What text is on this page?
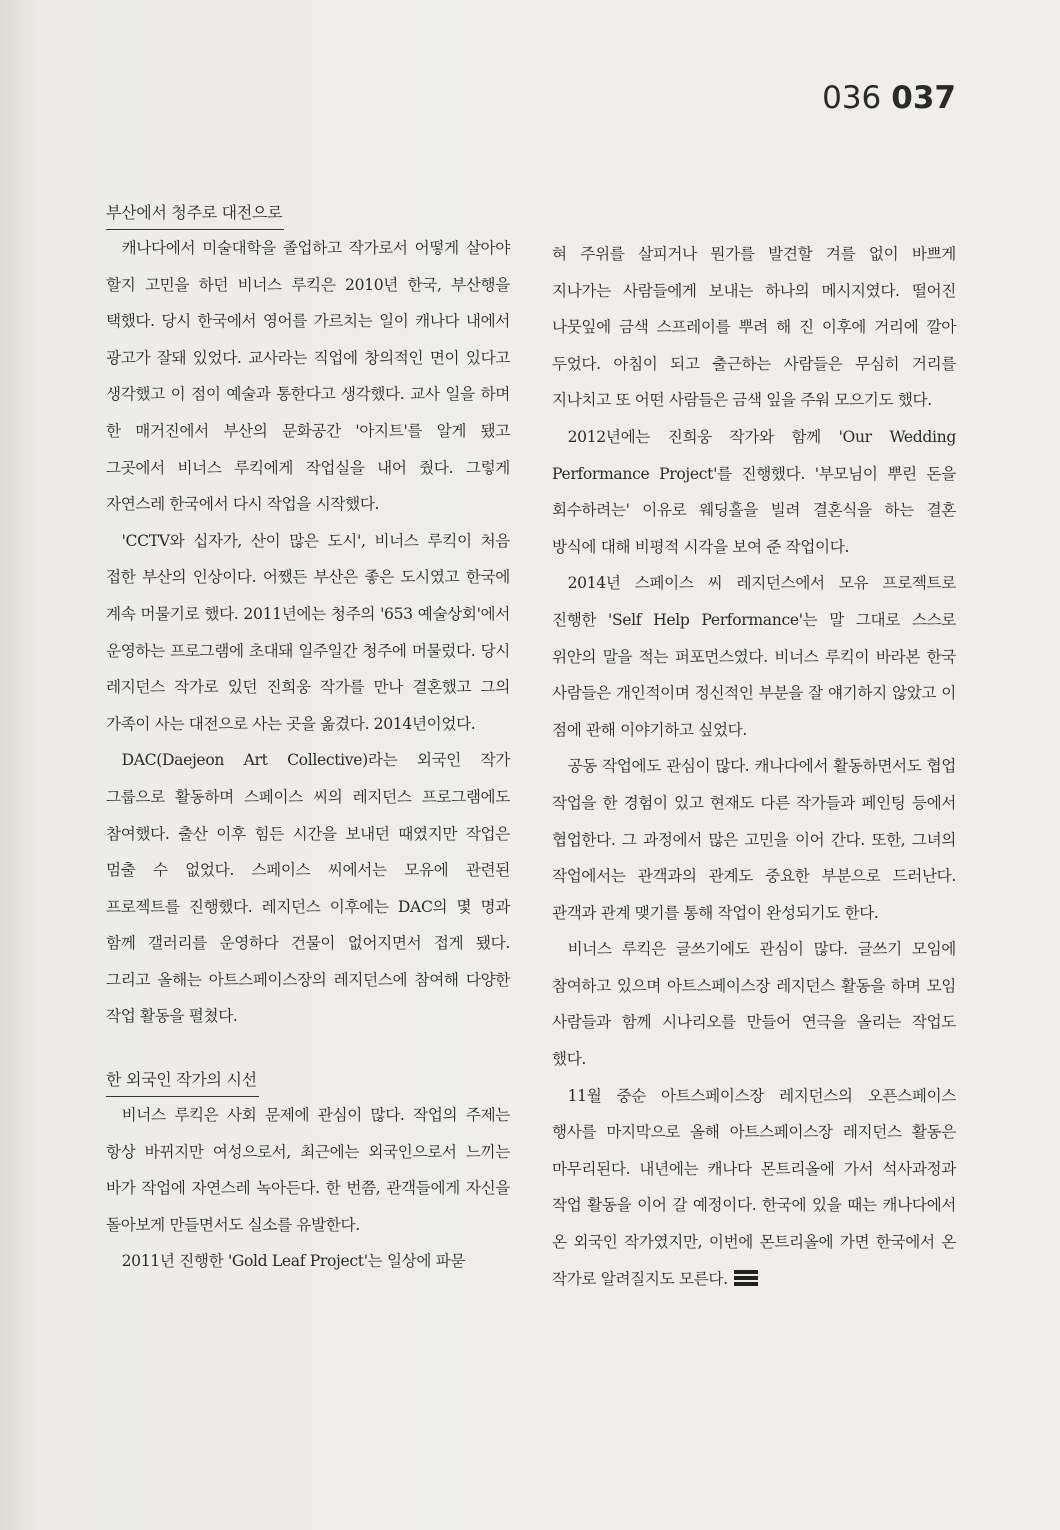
036 037
부산에서 청주로 대전으로

캐나다에서 미술대학을 졸업하고 작가로서 어떻게 살아야 할지 고민을 하던 비너스 루킥은 2010년 한국, 부산행을 택했다. 당시 한국에서 영어를 가르치는 일이 캐나다 내에서 광고가 잘돼 있었다. 교사라는 직업에 창의적인 면이 있다고 생각했고 이 점이 예술과 통한다고 생각했다. 교사 일을 하며 한 매거진에서 부산의 문화공간 '아지트'를 알게 됐고 그곳에서 비너스 루킥에게 작업실을 내어 줬다. 그렇게 자연스레 한국에서 다시 작업을 시작했다.

'CCTV와 십자가, 산이 많은 도시', 비너스 루킥이 처음 접한 부산의 인상이다. 어쨌든 부산은 좋은 도시였고 한국에 계속 머물기로 했다. 2011년에는 청주의 '653 예술상회'에서 운영하는 프로그램에 초대돼 일주일간 청주에 머물렀다. 당시 레지던스 작가로 있던 진희웅 작가를 만나 결혼했고 그의 가족이 사는 대전으로 사는 곳을 옮겼다. 2014년이었다.

DAC(Daejeon Art Collective)라는 외국인 작가 그룹으로 활동하며 스페이스 씨의 레지던스 프로그램에도 참여했다. 출산 이후 힘든 시간을 보내던 때였지만 작업은 멈출 수 없었다. 스페이스 씨에서는 모유에 관련된 프로젝트를 진행했다. 레지던스 이후에는 DAC의 몇 명과 함께 갤러리를 운영하다 건물이 없어지면서 접게 됐다. 그리고 올해는 아트스페이스장의 레지던스에 참여해 다양한 작업 활동을 펼쳤다.

한 외국인 작가의 시선

비너스 루킥은 사회 문제에 관심이 많다. 작업의 주제는 항상 바뀌지만 여성으로서, 최근에는 외국인으로서 느끼는 바가 작업에 자연스레 녹아든다. 한 번쯤, 관객들에게 자신을 돌아보게 만들면서도 실소를 유발한다.

2011년 진행한 'Gold Leaf Project'는 일상에 파묻

혀 주위를 살피거나 뭔가를 발견할 겨를 없이 바쁘게 지나가는 사람들에게 보내는 하나의 메시지였다. 떨어진 나뭇잎에 금색 스프레이를 뿌려 해 진 이후에 거리에 깔아 두었다. 아침이 되고 출근하는 사람들은 무심히 거리를 지나치고 또 어떤 사람들은 금색 잎을 주워 모으기도 했다.

2012년에는 진희웅 작가와 함께 'Our Wedding Performance Project'를 진행했다. '부모님이 뿌린 돈을 회수하려는' 이유로 웨딩홀을 빌려 결혼식을 하는 결혼 방식에 대해 비평적 시각을 보여 준 작업이다.

2014년 스페이스 씨 레지던스에서 모유 프로젝트로 진행한 'Self Help Performance'는 말 그대로 스스로 위안의 말을 적는 퍼포먼스였다. 비너스 루킥이 바라본 한국 사람들은 개인적이며 정신적인 부분을 잘 얘기하지 않았고 이 점에 관해 이야기하고 싶었다.

공동 작업에도 관심이 많다. 캐나다에서 활동하면서도 협업 작업을 한 경험이 있고 현재도 다른 작가들과 페인팅 등에서 협업한다. 그 과정에서 많은 고민을 이어 간다. 또한, 그녀의 작업에서는 관객과의 관계도 중요한 부분으로 드러난다. 관객과 관계 맺기를 통해 작업이 완성되기도 한다.

비너스 루킥은 글쓰기에도 관심이 많다. 글쓰기 모임에 참여하고 있으며 아트스페이스장 레지던스 활동을 하며 모임 사람들과 함께 시나리오를 만들어 연극을 올리는 작업도 했다.

11월 중순 아트스페이스장 레지던스의 오픈스페이스 행사를 마지막으로 올해 아트스페이스장 레지던스 활동은 마무리된다. 내년에는 캐나다 몬트리올에 가서 석사과정과 작업 활동을 이어 갈 예정이다. 한국에 있을 때는 캐나다에서 온 외국인 작가였지만, 이번에 몬트리올에 가면 한국에서 온 작가로 알려질지도 모른다.
